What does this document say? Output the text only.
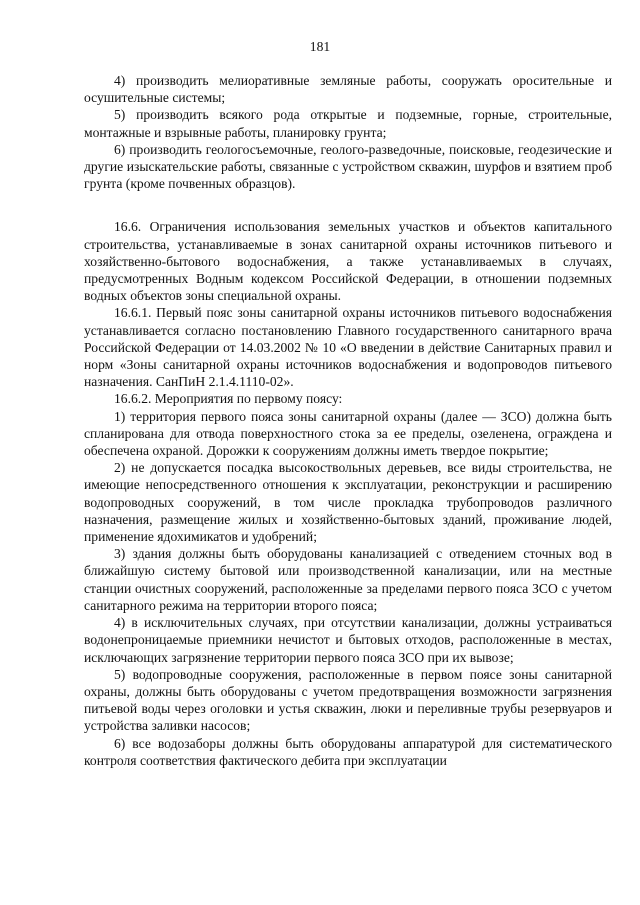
181

4) производить мелиоративные земляные работы, сооружать оросительные и осушительные системы;

5) производить всякого рода открытые и подземные, горные, строительные, монтажные и взрывные работы, планировку грунта;

6) производить геологосъемочные, геолого-разведочные, поисковые, геодезические и другие изыскательские работы, связанные с устройством скважин, шурфов и взятием проб грунта (кроме почвенных образцов).

16.6. Ограничения использования земельных участков и объектов капитального строительства, устанавливаемые в зонах санитарной охраны источников питьевого и хозяйственно-бытового водоснабжения, а также устанавливаемых в случаях, предусмотренных Водным кодексом Российской Федерации, в отношении подземных водных объектов зоны специальной охраны.

16.6.1. Первый пояс зоны санитарной охраны источников питьевого водоснабжения устанавливается согласно постановлению Главного государственного санитарного врача Российской Федерации от 14.03.2002 № 10 «О введении в действие Санитарных правил и норм «Зоны санитарной охраны источников водоснабжения и водопроводов питьевого назначения. СанПиН 2.1.4.1110-02».

16.6.2. Мероприятия по первому поясу:

1) территория первого пояса зоны санитарной охраны (далее — ЗСО) должна быть спланирована для отвода поверхностного стока за ее пределы, озеленена, ограждена и обеспечена охраной. Дорожки к сооружениям должны иметь твердое покрытие;

2) не допускается посадка высокоствольных деревьев, все виды строительства, не имеющие непосредственного отношения к эксплуатации, реконструкции и расширению водопроводных сооружений, в том числе прокладка трубопроводов различного назначения, размещение жилых и хозяйственно-бытовых зданий, проживание людей, применение ядохимикатов и удобрений;

3) здания должны быть оборудованы канализацией с отведением сточных вод в ближайшую систему бытовой или производственной канализации, или на местные станции очистных сооружений, расположенные за пределами первого пояса ЗСО с учетом санитарного режима на территории второго пояса;

4) в исключительных случаях, при отсутствии канализации, должны устраиваться водонепроницаемые приемники нечистот и бытовых отходов, расположенные в местах, исключающих загрязнение территории первого пояса ЗСО при их вывозе;

5) водопроводные сооружения, расположенные в первом поясе зоны санитарной охраны, должны быть оборудованы с учетом предотвращения возможности загрязнения питьевой воды через оголовки и устья скважин, люки и переливные трубы резервуаров и устройства заливки насосов;

6) все водозаборы должны быть оборудованы аппаратурой для систематического контроля соответствия фактического дебита при эксплуатации
